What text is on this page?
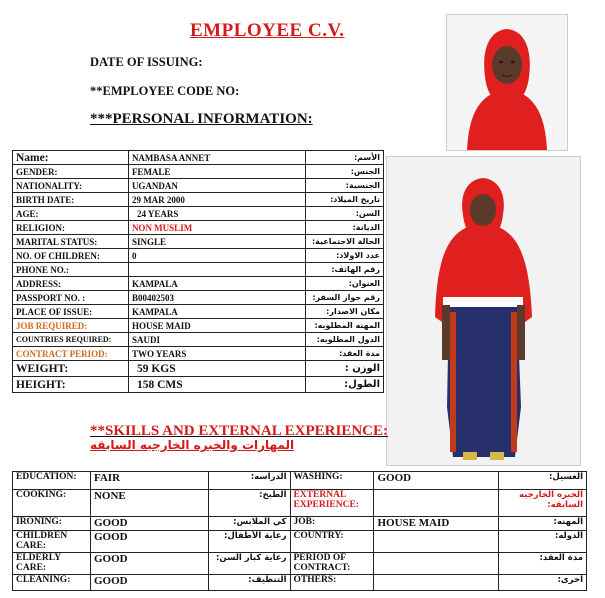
EMPLOYEE C.V.
DATE OF ISSUING:
**EMPLOYEE CODE NO:
***PERSONAL INFORMATION:
Name:	NAMBASA ANNET	الأسم:
GENDER:	FEMALE	الجنس:
NATIONALITY:	UGANDAN	الجنسية:
BIRTH DATE:	29 MAR 2000	تاريخ الميلاد:
AGE:	24 YEARS	السن:
RELIGION:	NON MUSLIM	الديانة:
MARITAL STATUS:	SINGLE	الحالة الاجتماعية:
NO. OF CHILDREN:	0	عدد الاولاد:
PHONE NO.:		رقم الهاتف:
ADDRESS:	KAMPALA	العنوان:
PASSPORT NO. :	B00402503	رقم جواز السفر:
PLACE OF ISSUE:	KAMPALA	مكان الاصدار:
JOB REQUIRED:	HOUSE MAID	المهنه المطلوبه:
COUNTRIES REQUIRED:	SAUDI	الدول المطلوبه:
CONTRACT PERIOD:	TWO YEARS	مدة العقد:
WEIGHT:	59 KGS	الوزن :
HEIGHT:	158 CMS	الطول:
**SKILLS AND EXTERNAL EXPERIENCE:
المهارات والخبره الخارجيه السابقه
EDUCATION:	FAIR	الدراسه:	WASHING:	GOOD	الغسيل:
COOKING:	NONE	الطبخ:	EXTERNAL EXPERIENCE:		الخبره الخارجيه السابقه:
IRONING:	GOOD	كي الملابس:	JOB:	HOUSE MAID	المهنه:
CHILDREN CARE:	GOOD	رعاية الأطفال:	COUNTRY:		الدوله:
ELDERLY CARE:	GOOD	رعاية كبار السن:	PERIOD OF CONTRACT:		مدة العقد:
CLEANING:	GOOD	التنظيف:	OTHERS:		اخرى:
